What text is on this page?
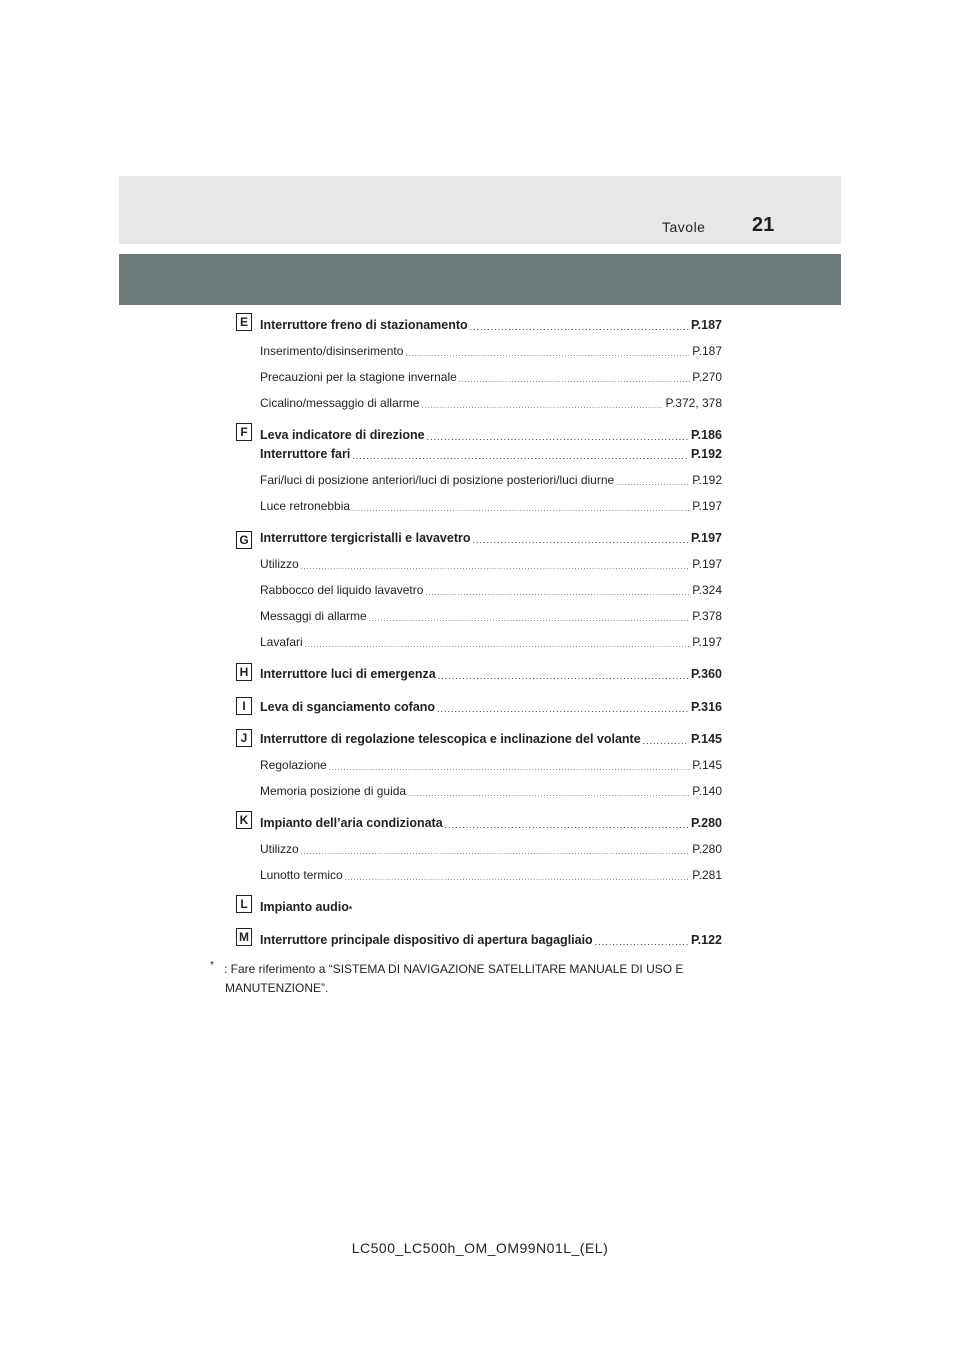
Tavole 21
E Interruttore freno di stazionamento .....	P.187
Inserimento/disinserimento .....	P.187
Precauzioni per la stagione invernale .....	P.270
Cicalino/messaggio di allarme .....	P.372, 378
F Leva indicatore di direzione .....	P.186
Interruttore fari .....	P.192
Fari/luci di posizione anteriori/luci di posizione posteriori/luci diurne .....	P.192
Luce retronebbia .....	P.197
G Interruttore tergicristalli e lavavetro .....	P.197
Utilizzo .....	P.197
Rabbocco del liquido lavavetro .....	P.324
Messaggi di allarme .....	P.378
Lavafari .....	P.197
H Interruttore luci di emergenza .....	P.360
I	Leva di sganciamento cofano .....	P.316
J	Interruttore di regolazione telescopica e inclinazione del volante .....	P.145
Regolazione .....	P.145
Memoria posizione di guida .....	P.140
K Impianto dell’aria condizionata .....	P.280
Utilizzo .....	P.280
Lunotto termico .....	P.281
L Impianto audio *
M Interruttore principale dispositivo di apertura bagagliaio .....	P.122
* : Fare riferimento a “SISTEMA DI NAVIGAZIONE SATELLITARE MANUALE DI USO E
MANUTENZIONE”.
LC500_LC500h_OM_OM99N01L_(EL)
